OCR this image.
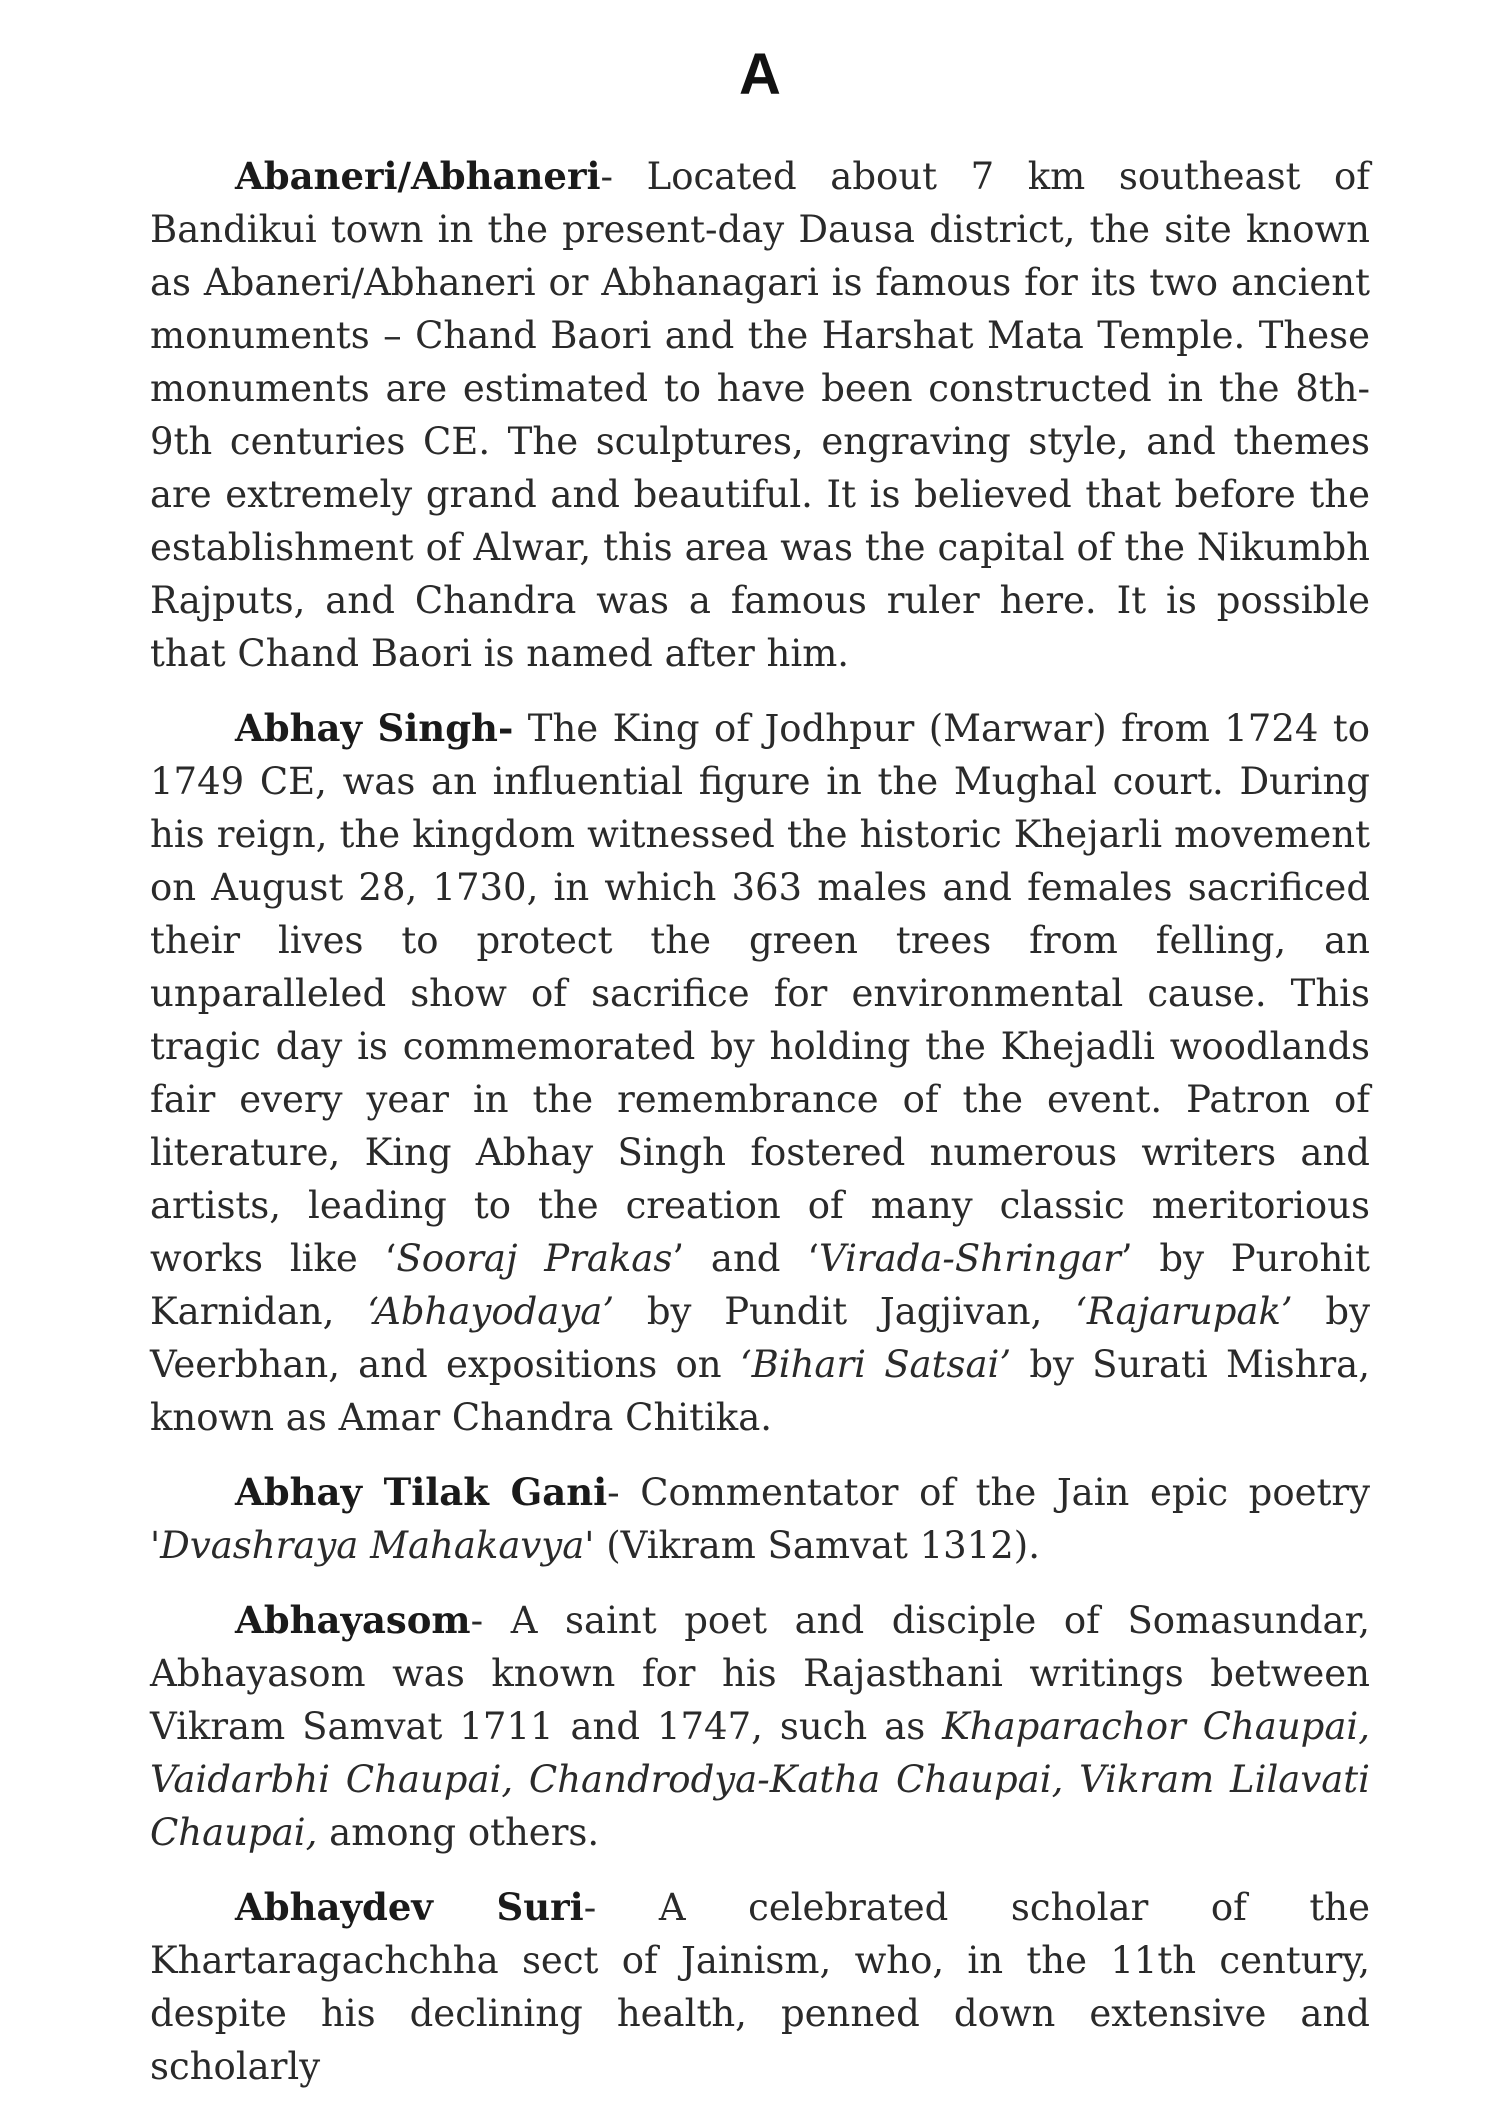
A

Abaneri/Abhaneri- Located about 7 km southeast of Bandikui town in the present-day Dausa district, the site known as Abaneri/Abhaneri or Abhanagari is famous for its two ancient monuments – Chand Baori and the Harshat Mata Temple. These monuments are estimated to have been constructed in the 8th-9th centuries CE. The sculptures, engraving style, and themes are extremely grand and beautiful. It is believed that before the establishment of Alwar, this area was the capital of the Nikumbh Rajputs, and Chandra was a famous ruler here. It is possible that Chand Baori is named after him.

Abhay Singh- The King of Jodhpur (Marwar) from 1724 to 1749 CE, was an influential figure in the Mughal court. During his reign, the kingdom witnessed the historic Khejarli movement on August 28, 1730, in which 363 males and females sacrificed their lives to protect the green trees from felling, an unparalleled show of sacrifice for environmental cause. This tragic day is commemorated by holding the Khejadli woodlands fair every year in the remembrance of the event. Patron of literature, King Abhay Singh fostered numerous writers and artists, leading to the creation of many classic meritorious works like ‘Sooraj Prakas’ and ‘Virada-Shringar’ by Purohit Karnidan, ‘Abhayodaya’ by Pundit Jagjivan, ‘Rajarupak’ by Veerbhan, and expositions on ‘Bihari Satsai’ by Surati Mishra, known as Amar Chandra Chitika.

Abhay Tilak Gani- Commentator of the Jain epic poetry 'Dvashraya Mahakavya' (Vikram Samvat 1312).

Abhayasom- A saint poet and disciple of Somasundar, Abhayasom was known for his Rajasthani writings between Vikram Samvat 1711 and 1747, such as Khaparachor Chaupai, Vaidarbhi Chaupai, Chandrodya-Katha Chaupai, Vikram Lilavati Chaupai, among others.

Abhaydev Suri- A celebrated scholar of the Khartaragachchha sect of Jainism, who, in the 11th century, despite his declining health, penned down extensive and scholarly
